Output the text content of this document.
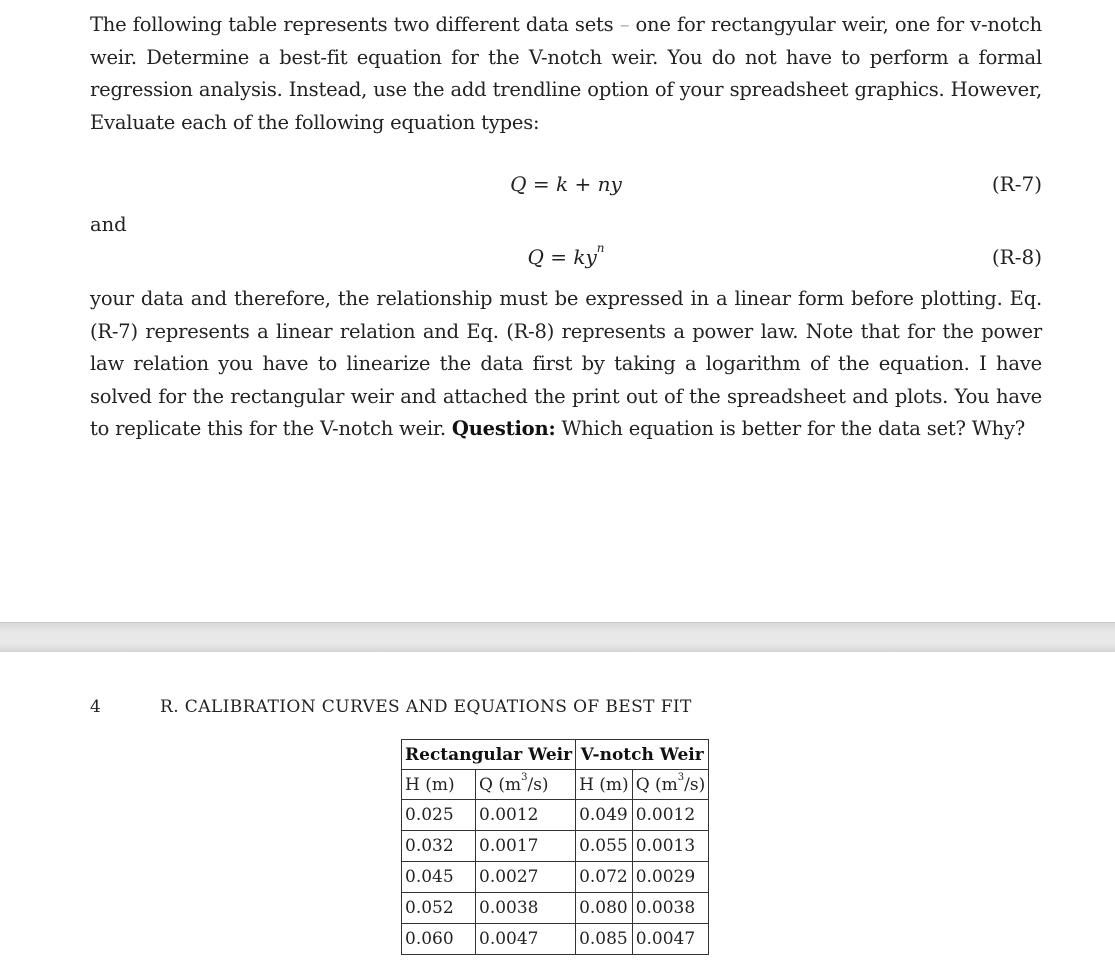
The following table represents two different data sets – one for rectangyular weir, one for v-notch weir. Determine a best-fit equation for the V-notch weir. You do not have to perform a formal regression analysis. Instead, use the add trendline option of your spreadsheet graphics. However, Evaluate each of the following equation types:
Q = k + ny	(R-7)
and
$Q = ky^n$	(R-8)
your data and therefore, the relationship must be expressed in a linear form before plotting. Eq. (R-7) represents a linear relation and Eq. (R-8) represents a power law. Note that for the power law relation you have to linearize the data first by taking a logarithm of the equation. I have solved for the rectangular weir and attached the print out of the spreadsheet and plots. You have to replicate this for the V-notch weir. Question: Which equation is better for the data set? Why?
4	R. CALIBRATION CURVES AND EQUATIONS OF BEST FIT
Rectangular Weir		V-notch Weir	
H (m)	Q $(m^3/s)$	H (m)	Q $(m^3/s)$
0.025	0.0012	0.049	0.0012
0.032	0.0017	0.055	0.0013
0.045	0.0027	0.072	0.0029
0.052	0.0038	0.080	0.0038
0.060	0.0047	0.085	0.0047
